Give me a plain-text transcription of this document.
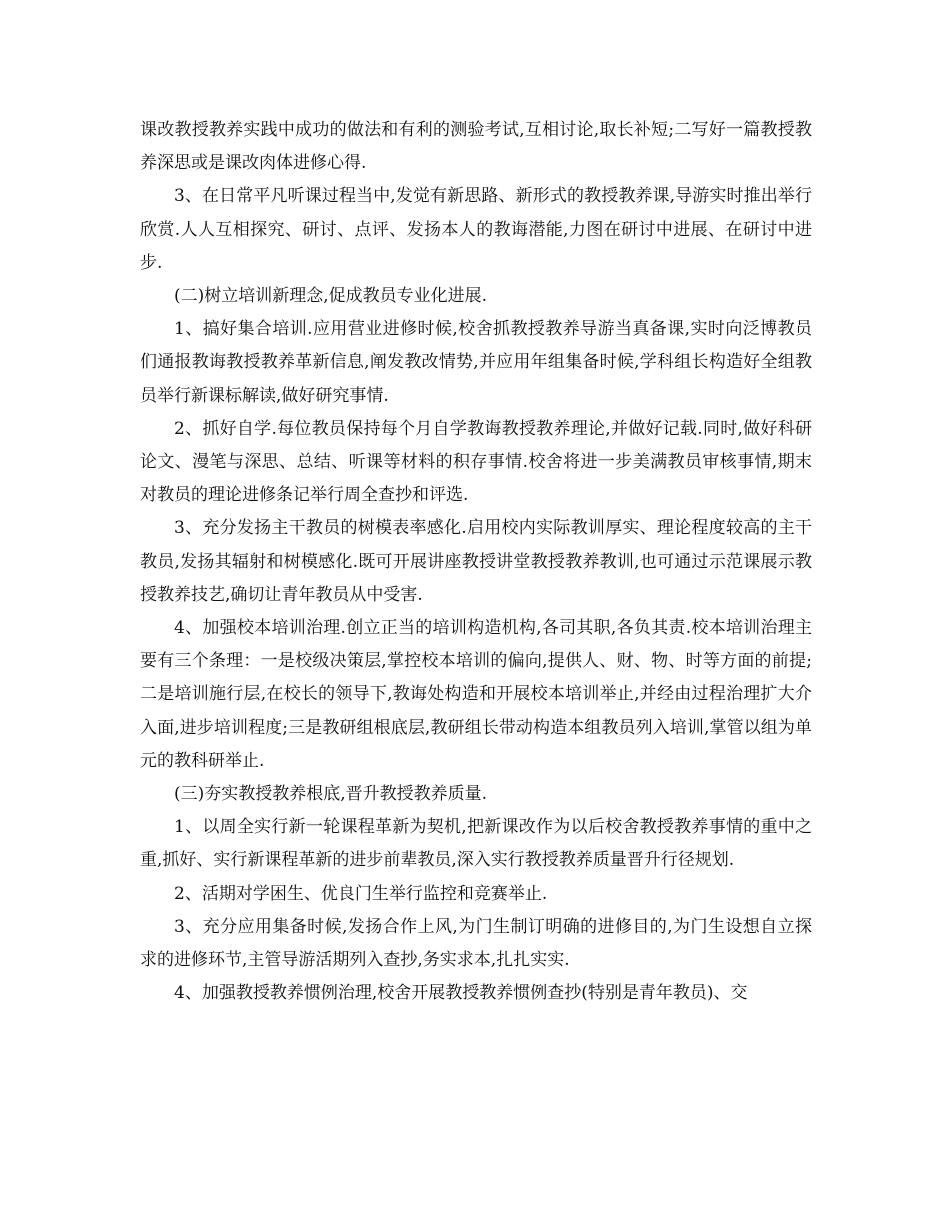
课改教授教养实践中成功的做法和有利的测验考试,互相讨论,取长补短;二写好一篇教授教养深思或是课改肉体进修心得.

3、在日常平凡听课过程当中,发觉有新思路、新形式的教授教养课,导游实时推出举行欣赏.人人互相探究、研讨、点评、发扬本人的教诲潜能,力图在研讨中进展、在研讨中进步.

(二)树立培训新理念,促成教员专业化进展.

1、搞好集合培训.应用营业进修时候,校舍抓教授教养导游当真备课,实时向泛博教员们通报教诲教授教养革新信息,阐发教改情势,并应用年组集备时候,学科组长构造好全组教员举行新课标解读,做好研究事情.

2、抓好自学.每位教员保持每个月自学教诲教授教养理论,并做好记载.同时,做好科研论文、漫笔与深思、总结、听课等材料的积存事情.校舍将进一步美满教员审核事情,期末对教员的理论进修条记举行周全查抄和评选.

3、充分发扬主干教员的树模表率感化.启用校内实际教训厚实、理论程度较高的主干教员,发扬其辐射和树模感化.既可开展讲座教授讲堂教授教养教训,也可通过示范课展示教授教养技艺,确切让青年教员从中受害.

4、加强校本培训治理.创立正当的培训构造机构,各司其职,各负其责.校本培训治理主要有三个条理：一是校级决策层,掌控校本培训的偏向,提供人、财、物、时等方面的前提;二是培训施行层,在校长的领导下,教诲处构造和开展校本培训举止,并经由过程治理扩大介入面,进步培训程度;三是教研组根底层,教研组长带动构造本组教员列入培训,掌管以组为单元的教科研举止.

(三)夯实教授教养根底,晋升教授教养质量.

1、以周全实行新一轮课程革新为契机,把新课改作为以后校舍教授教养事情的重中之重,抓好、实行新课程革新的进步前辈教员,深入实行教授教养质量晋升行径规划.

2、活期对学困生、优良门生举行监控和竞赛举止.

3、充分应用集备时候,发扬合作上风,为门生制订明确的进修目的,为门生设想自立探求的进修环节,主管导游活期列入查抄,务实求本,扎扎实实.

4、加强教授教养惯例治理,校舍开展教授教养惯例查抄(特别是青年教员)、交
